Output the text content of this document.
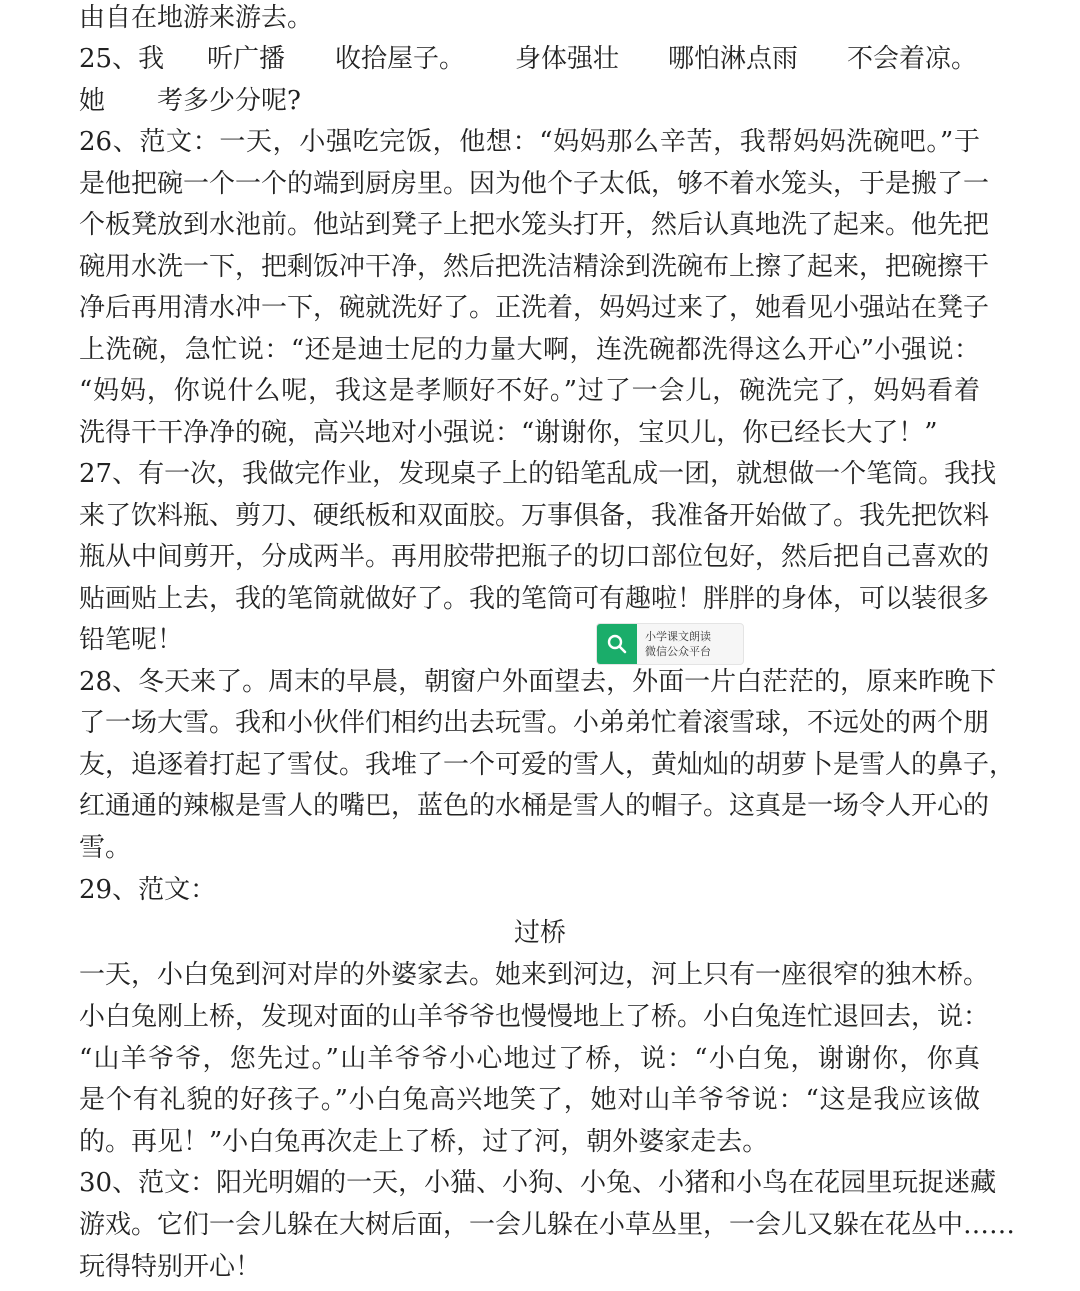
由自在地游来游去。
25、我 听广播 收拾屋子。 身体强壮 哪怕淋点雨 不会着凉。
她 考多少分呢?
26、范文：一天，小强吃完饭，他想：“妈妈那么辛苦，我帮妈妈洗碗吧。”于
是他把碗一个一个的端到厨房里。因为他个子太低，够不着水笼头，于是搬了一
个板凳放到水池前。他站到凳子上把水笼头打开，然后认真地洗了起来。他先把
碗用水洗一下，把剩饭冲干净，然后把洗洁精涂到洗碗布上擦了起来，把碗擦干
净后再用清水冲一下，碗就洗好了。正洗着，妈妈过来了，她看见小强站在凳子
上洗碗，急忙说：“还是迪士尼的力量大啊，连洗碗都洗得这么开心”小强说：
“妈妈，你说什么呢，我这是孝顺好不好。”过了一会儿，碗洗完了，妈妈看着
洗得干干净净的碗，高兴地对小强说：“谢谢你，宝贝儿，你已经长大了！”
27、有一次，我做完作业，发现桌子上的铅笔乱成一团，就想做一个笔筒。我找
来了饮料瓶、剪刀、硬纸板和双面胶。万事俱备，我准备开始做了。我先把饮料
瓶从中间剪开，分成两半。再用胶带把瓶子的切口部位包好，然后把自己喜欢的
贴画贴上去，我的笔筒就做好了。我的笔筒可有趣啦！胖胖的身体，可以装很多
铅笔呢！
28、冬天来了。周末的早晨，朝窗户外面望去，外面一片白茫茫的，原来昨晚下
了一场大雪。我和小伙伴们相约出去玩雪。小弟弟忙着滚雪球，不远处的两个朋
友，追逐着打起了雪仗。我堆了一个可爱的雪人，黄灿灿的胡萝卜是雪人的鼻子，
红通通的辣椒是雪人的嘴巴，蓝色的水桶是雪人的帽子。这真是一场令人开心的
雪。
29、范文：
过桥
一天，小白兔到河对岸的外婆家去。她来到河边，河上只有一座很窄的独木桥。
小白兔刚上桥，发现对面的山羊爷爷也慢慢地上了桥。小白兔连忙退回去，说：
“山羊爷爷，您先过。”山羊爷爷小心地过了桥，说：“小白兔，谢谢你，你真
是个有礼貌的好孩子。”小白兔高兴地笑了，她对山羊爷爷说：“这是我应该做
的。再见！”小白兔再次走上了桥，过了河，朝外婆家走去。
30、范文：阳光明媚的一天，小猫、小狗、小兔、小猪和小鸟在花园里玩捉迷藏
游戏。它们一会儿躲在大树后面，一会儿躲在小草丛里，一会儿又躲在花丛中……
玩得特别开心！
小学课文朗读
微信公众平台
